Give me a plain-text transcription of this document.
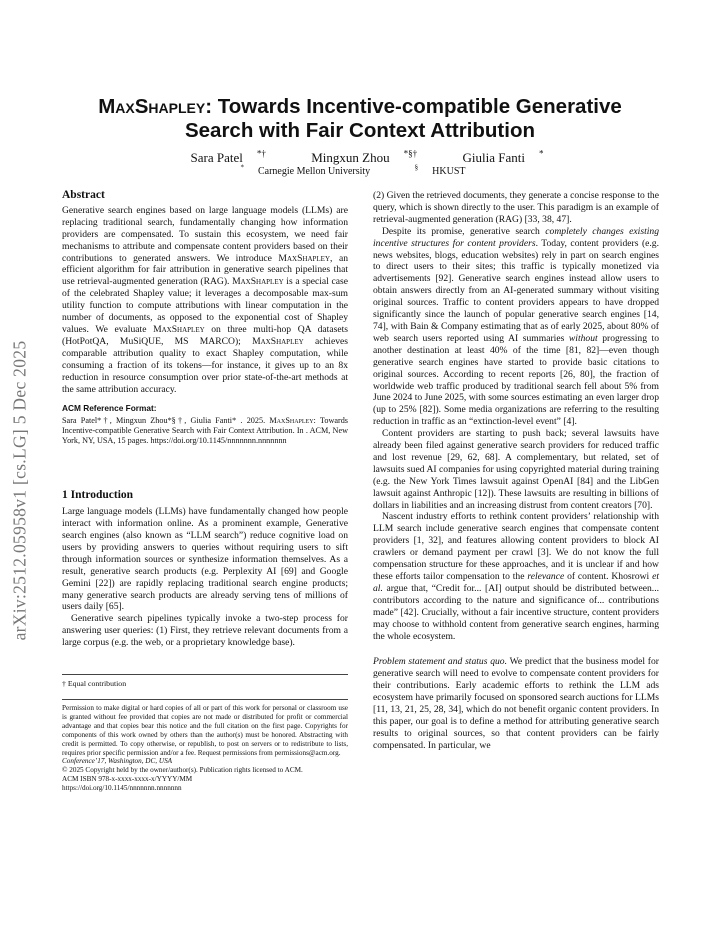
arXiv:2512.05958v1 [cs.LG] 5 Dec 2025
MaxShapley: Towards Incentive-compatible Generative
Search with Fair Context Attribution
Sara Patel *†	Mingxun Zhou *§†	Giulia Fanti *
* Carnegie Mellon University	§ HKUST
Abstract

Generative search engines based on large language models (LLMs) are replacing traditional search, fundamentally changing how information providers are compensated. To sustain this ecosystem, we need fair mechanisms to attribute and compensate content providers based on their contributions to generated answers. We introduce MaxShapley, an efficient algorithm for fair attribution in generative search pipelines that use retrieval-augmented generation (RAG). MaxShapley is a special case of the celebrated Shapley value; it leverages a decomposable max-sum utility function to compute attributions with linear computation in the number of documents, as opposed to the exponential cost of Shapley values. We evaluate MaxShapley on three multi-hop QA datasets (HotPotQA, MuSiQUE, MS MARCO); MaxShapley achieves comparable attribution quality to exact Shapley computation, while consuming a fraction of its tokens—for instance, it gives up to an 8x reduction in resource consumption over prior state-of-the-art methods at the same attribution accuracy.

ACM Reference Format:
Sara Patel*†, Mingxun Zhou*§†, Giulia Fanti* . 2025. MaxShapley: Towards Incentive-compatible Generative Search with Fair Context Attribution. In . ACM, New York, NY, USA, 15 pages. https://doi.org/10.1145/nnnnnnn.nnnnnnn
1 Introduction

Large language models (LLMs) have fundamentally changed how people interact with information online. As a prominent example, Generative search engines (also known as “LLM search”) reduce cognitive load on users by providing answers to queries without requiring users to sift through information sources or synthesize information themselves. As a result, generative search products (e.g. Perplexity AI [69] and Google Gemini [22]) are rapidly replacing traditional search engine products; many generative search products are already serving tens of millions of users daily [65].

Generative search pipelines typically invoke a two-step process for answering user queries: (1) First, they retrieve relevant documents from a large corpus (e.g. the web, or a proprietary knowledge base).

† Equal contribution

Permission to make digital or hard copies of all or part of this work for personal or classroom use is granted without fee provided that copies are not made or distributed for profit or commercial advantage and that copies bear this notice and the full citation on the first page. Copyrights for components of this work owned by others than the author(s) must be honored. Abstracting with credit is permitted. To copy otherwise, or republish, to post on servers or to redistribute to lists, requires prior specific permission and/or a fee. Request permissions from permissions@acm.org.

Conference’17, Washington, DC, USA

© 2025 Copyright held by the owner/author(s). Publication rights licensed to ACM.

ACM ISBN 978-x-xxxx-xxxx-x/YYYY/MM

https://doi.org/10.1145/nnnnnnn.nnnnnnn

(2) Given the retrieved documents, they generate a concise response to the query, which is shown directly to the user. This paradigm is an example of retrieval-augmented generation (RAG) [33, 38, 47].

Despite its promise, generative search completely changes existing incentive structures for content providers. Today, content providers (e.g. news websites, blogs, education websites) rely in part on search engines to direct users to their sites; this traffic is typically monetized via advertisements [92]. Generative search engines instead allow users to obtain answers directly from an AI-generated summary without visiting original sources. Traffic to content providers appears to have dropped significantly since the launch of popular generative search engines [14, 74], with Bain & Company estimating that as of early 2025, about 80% of web search users reported using AI summaries without progressing to another destination at least 40% of the time [81, 82]—even though generative search engines have started to provide basic citations to original sources. According to recent reports [26, 80], the fraction of worldwide web traffic produced by traditional search fell about 5% from June 2024 to June 2025, with some sources estimating an even larger drop (up to 25% [82]). Some media organizations are referring to the resulting reduction in traffic as an “extinction-level event” [4].

Content providers are starting to push back; several lawsuits have already been filed against generative search providers for reduced traffic and lost revenue [29, 62, 68]. A complementary, but related, set of lawsuits sued AI companies for using copyrighted material during training (e.g. the New York Times lawsuit against OpenAI [84] and the LibGen lawsuit against Anthropic [12]). These lawsuits are resulting in billions of dollars in liabilities and an increasing distrust from content creators [70].

Nascent industry efforts to rethink content providers’ relationship with LLM search include generative search engines that compensate content providers [1, 32], and features allowing content providers to block AI crawlers or demand payment per crawl [3]. We do not know the full compensation structure for these approaches, and it is unclear if and how these efforts tailor compensation to the relevance of content. Khosrowi et al. argue that, “Credit for... [AI] output should be distributed between... contributors according to the nature and significance of... contributions made” [42]. Crucially, without a fair incentive structure, content providers may choose to withhold content from generative search engines, harming the whole ecosystem.

Problem statement and status quo. We predict that the business model for generative search will need to evolve to compensate content providers for their contributions. Early academic efforts to rethink the LLM ads ecosystem have primarily focused on sponsored search auctions for LLMs [11, 13, 21, 25, 28, 34], which do not benefit organic content providers. In this paper, our goal is to define a method for attributing generative search results to original sources, so that content providers can be fairly compensated. In particular, we
